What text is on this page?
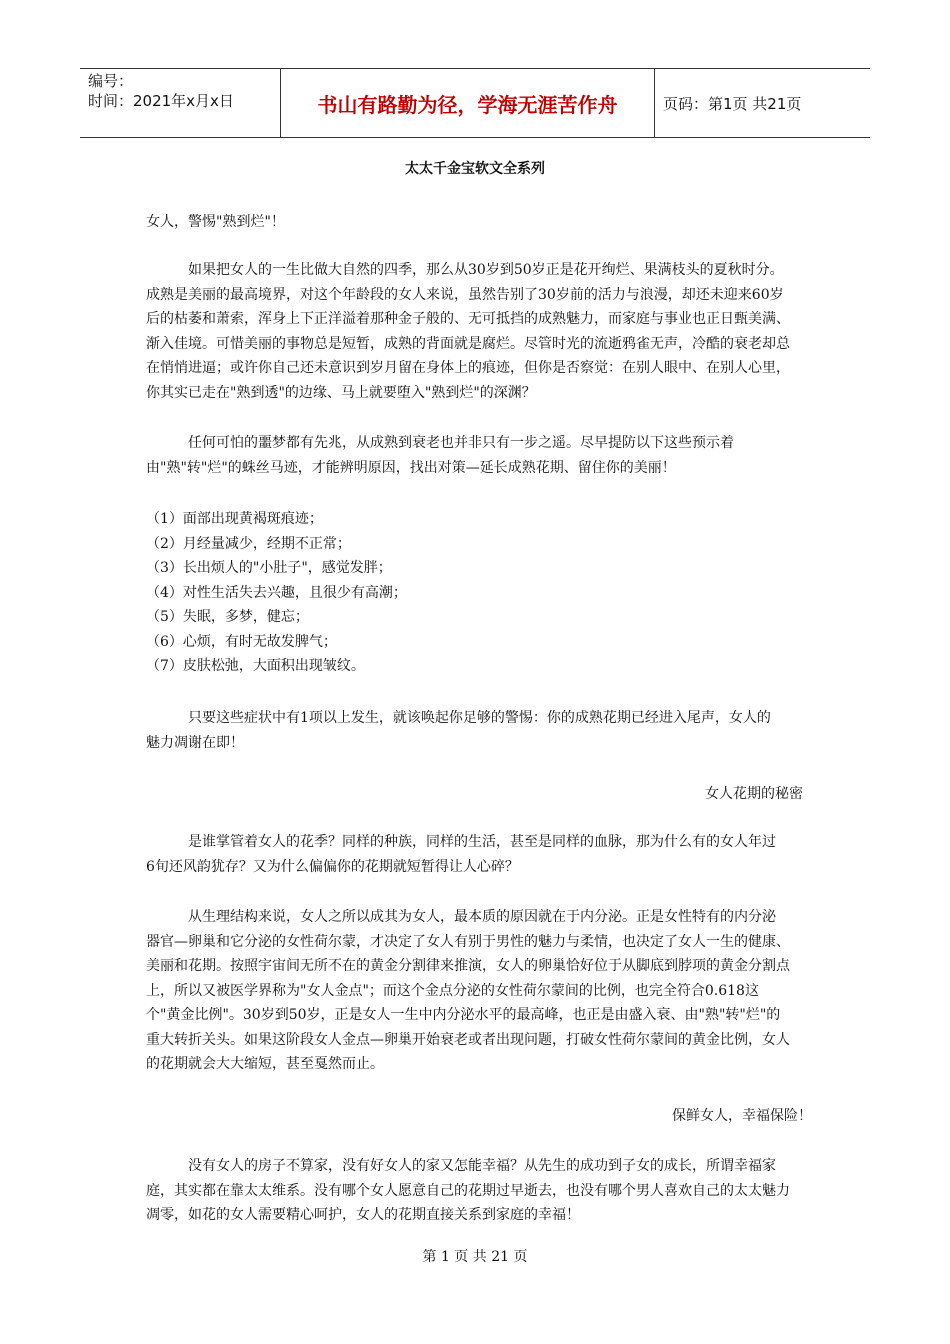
编号：
时间：2021年x月x日	书山有路勤为径，学海无涯苦作舟	页码：第1页 共21页
太太千金宝软文全系列
女人，警惕"熟到烂"！
　　　如果把女人的一生比做大自然的四季，那么从30岁到50岁正是花开绚烂、果满枝头的夏秋时分。
成熟是美丽的最高境界，对这个年龄段的女人来说，虽然告别了30岁前的活力与浪漫，却还未迎来60岁
后的枯萎和萧索，浑身上下正洋溢着那种金子般的、无可抵挡的成熟魅力，而家庭与事业也正日甄美满、
渐入佳境。可惜美丽的事物总是短暂，成熟的背面就是腐烂。尽管时光的流逝鸦雀无声，冷酷的衰老却总
在悄悄进逼；或许你自己还未意识到岁月留在身体上的痕迹，但你是否察觉：在别人眼中、在别人心里，
你其实已走在"熟到透"的边缘、马上就要堕入"熟到烂"的深渊？
　　　任何可怕的噩梦都有先兆，从成熟到衰老也并非只有一步之遥。尽早提防以下这些预示着
由"熟"转"烂"的蛛丝马迹，才能辨明原因，找出对策—延长成熟花期、留住你的美丽！
（1）面部出现黄褐斑痕迹；
（2）月经量减少，经期不正常；
（3）长出烦人的"小肚子"，感觉发胖；
（4）对性生活失去兴趣，且很少有高潮；
（5）失眠，多梦，健忘；
（6）心烦，有时无故发脾气；
（7）皮肤松弛，大面积出现皱纹。
　　　只要这些症状中有1项以上发生，就该唤起你足够的警惕：你的成熟花期已经进入尾声，女人的
魅力凋谢在即！
女人花期的秘密
　　　是谁掌管着女人的花季？同样的种族，同样的生活，甚至是同样的血脉，那为什么有的女人年过
6旬还风韵犹存？又为什么偏偏你的花期就短暂得让人心碎？
　　　从生理结构来说，女人之所以成其为女人，最本质的原因就在于内分泌。正是女性特有的内分泌
器官—卵巢和它分泌的女性荷尔蒙，才决定了女人有别于男性的魅力与柔情，也决定了女人一生的健康、
美丽和花期。按照宇宙间无所不在的黄金分割律来推演，女人的卵巢恰好位于从脚底到脖项的黄金分割点
上，所以又被医学界称为"女人金点"；而这个金点分泌的女性荷尔蒙间的比例，也完全符合0.618这
个"黄金比例"。30岁到50岁，正是女人一生中内分泌水平的最高峰，也正是由盛入衰、由"熟"转"烂"的
重大转折关头。如果这阶段女人金点—卵巢开始衰老或者出现问题，打破女性荷尔蒙间的黄金比例，女人
的花期就会大大缩短，甚至戛然而止。
保鲜女人，幸福保险！
　　　没有女人的房子不算家，没有好女人的家又怎能幸福？从先生的成功到子女的成长，所谓幸福家
庭，其实都在靠太太维系。没有哪个女人愿意自己的花期过早逝去，也没有哪个男人喜欢自己的太太魅力
凋零，如花的女人需要精心呵护，女人的花期直接关系到家庭的幸福！
第 1 页 共 21 页
